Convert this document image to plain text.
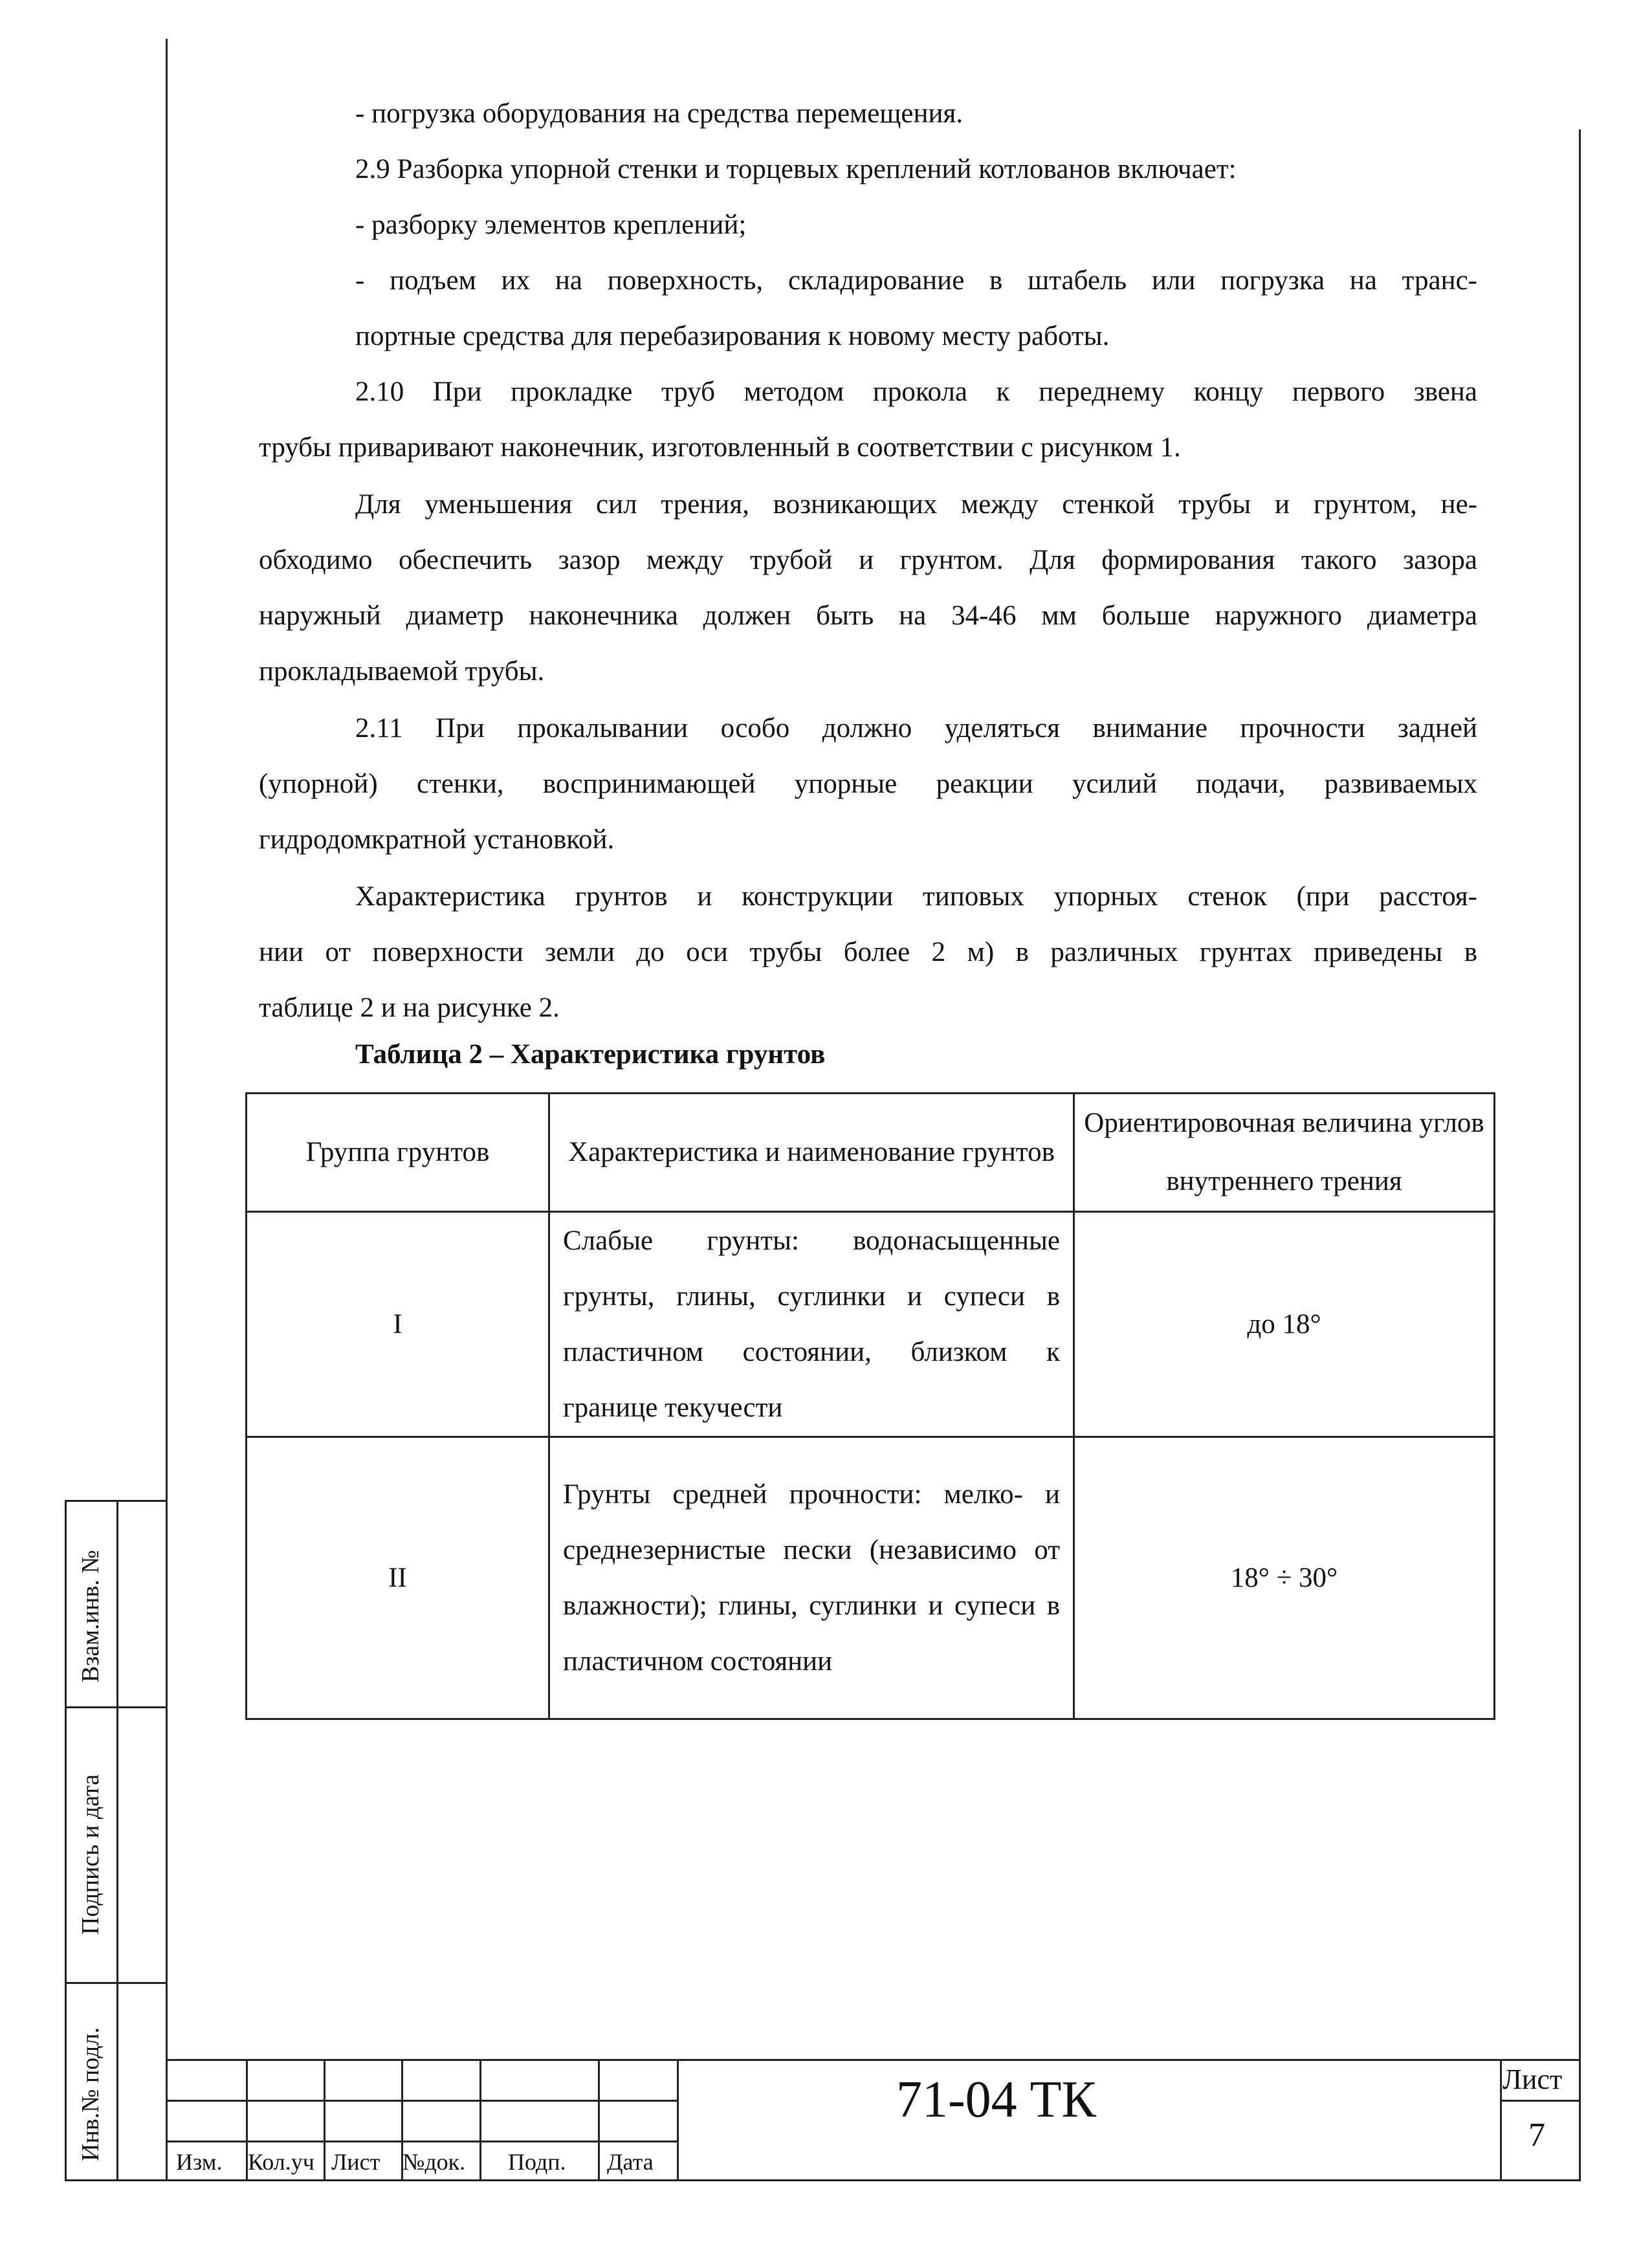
- погрузка оборудования на средства перемещения.
2.9 Разборка упорной стенки и торцевых креплений котлованов включает:
- разборку элементов креплений;
- подъем их на поверхность, складирование в штабель или погрузка на транс-
портные средства для перебазирования к новому месту работы.
2.10 При прокладке труб методом прокола к переднему концу первого звена
трубы приваривают наконечник, изготовленный в соответствии с рисунком 1.
Для уменьшения сил трения, возникающих между стенкой трубы и грунтом, не-
обходимо обеспечить зазор между трубой и грунтом. Для формирования такого зазора
наружный диаметр наконечника должен быть на 34-46 мм больше наружного диаметра
прокладываемой трубы.
2.11 При прокалывании особо должно уделяться внимание прочности задней
(упорной) стенки, воспринимающей упорные реакции усилий подачи, развиваемых
гидродомкратной установкой.
Характеристика грунтов и конструкции типовых упорных стенок (при расстоя-
нии от поверхности земли до оси трубы более 2 м) в различных грунтах приведены в
таблице 2 и на рисунке 2.
Таблица 2 – Характеристика грунтов
Группа грунтов	Характеристика и наименование грунтов	Ориентировочная величина углов внутреннего трения
I	Слабые грунты: водонасыщенные грунты, глины, суглинки и супеси в пластичном состоянии, близком к границе текучести	до 18°
II	Грунты средней прочности: мелко- и среднезернистые пески (независимо от влажности); глины, суглинки и супеси в пластичном состоянии	18° ÷ 30°
Взам.инв. №
Подпись и дата
Инв.№ подл.
Изм. Кол.уч Лист №док. Подп. Дата
71-04 ТК	Лист
7
